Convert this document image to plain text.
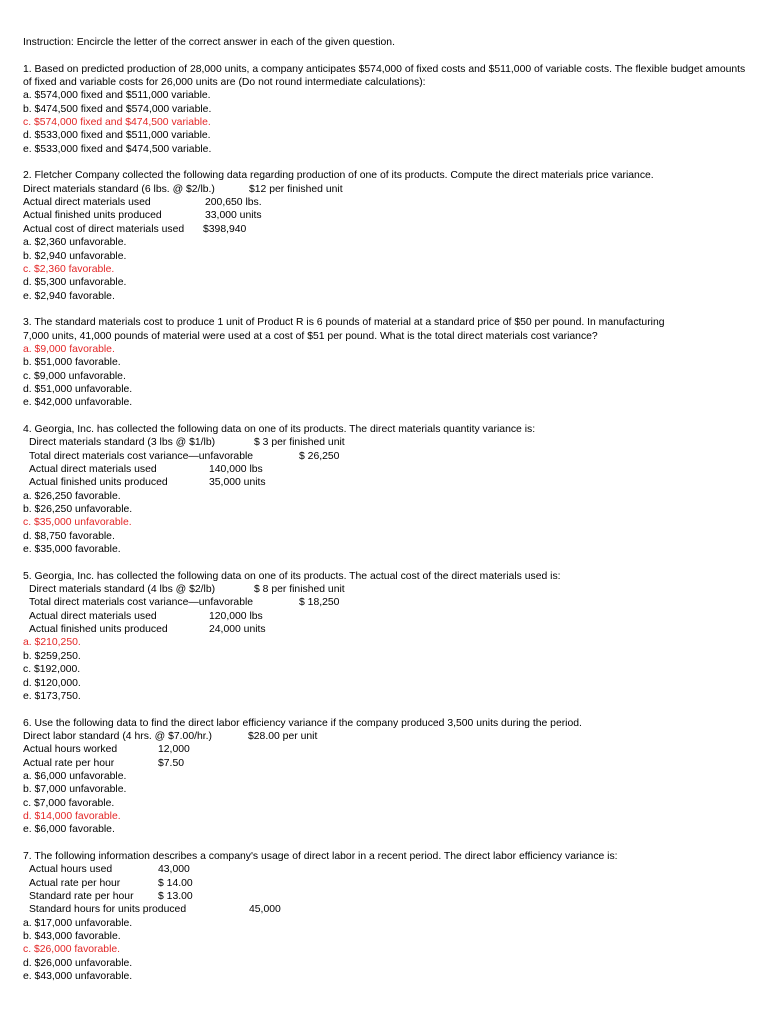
Instruction: Encircle the letter of the correct answer in each of the given question.
1. Based on predicted production of 28,000 units, a company anticipates $574,000 of fixed costs and $511,000 of variable costs. The flexible budget amounts of fixed and variable costs for 26,000 units are (Do not round intermediate calculations):
a. $574,000 fixed and $511,000 variable.
b. $474,500 fixed and $574,000 variable.
c. $574,000 fixed and $474,500 variable.
d. $533,000 fixed and $511,000 variable.
e. $533,000 fixed and $474,500 variable.
2. Fletcher Company collected the following data regarding production of one of its products. Compute the direct materials price variance.
Direct materials standard (6 lbs. @ $2/lb.)	$12 per finished unit
Actual direct materials used	200,650 lbs.
Actual finished units produced	33,000 units
Actual cost of direct materials used $398,940
a. $2,360 unfavorable.
b. $2,940 unfavorable.
c. $2,360 favorable.
d. $5,300 unfavorable.
e. $2,940 favorable.
3. The standard materials cost to produce 1 unit of Product R is 6 pounds of material at a standard price of $50 per pound. In manufacturing
7,000 units, 41,000 pounds of material were used at a cost of $51 per pound. What is the total direct materials cost variance?
a. $9,000 favorable.
b. $51,000 favorable.
c. $9,000 unfavorable.
d. $51,000 unfavorable.
e. $42,000 unfavorable.
4. Georgia, Inc. has collected the following data on one of its products. The direct materials quantity variance is:
Direct materials standard (3 lbs @ $1/lb)	$ 3 per finished unit
Total direct materials cost variance—unfavorable	$ 26,250
Actual direct materials used	140,000 lbs
Actual finished units produced	35,000 units
a. $26,250 favorable.
b. $26,250 unfavorable.
c. $35,000 unfavorable.
d. $8,750 favorable.
e. $35,000 favorable.
5. Georgia, Inc. has collected the following data on one of its products. The actual cost of the direct materials used is:
Direct materials standard (4 lbs @ $2/lb)	$ 8 per finished unit
Total direct materials cost variance—unfavorable	$ 18,250
Actual direct materials used	120,000 lbs
Actual finished units produced	24,000 units
a. $210,250.
b. $259,250.
c. $192,000.
d. $120,000.
e. $173,750.
6. Use the following data to find the direct labor efficiency variance if the company produced 3,500 units during the period.
Direct labor standard (4 hrs. @ $7.00/hr.)	$28.00 per unit
Actual hours worked	12,000
Actual rate per hour	$7.50
a. $6,000 unfavorable.
b. $7,000 unfavorable.
c. $7,000 favorable.
d. $14,000 favorable.
e. $6,000 favorable.
7. The following information describes a company's usage of direct labor in a recent period. The direct labor efficiency variance is:
Actual hours used	43,000
Actual rate per hour	$ 14.00
Standard rate per hour $ 13.00
Standard hours for units produced	45,000
a. $17,000 unfavorable.
b. $43,000 favorable.
c. $26,000 favorable.
d. $26,000 unfavorable.
e. $43,000 unfavorable.
